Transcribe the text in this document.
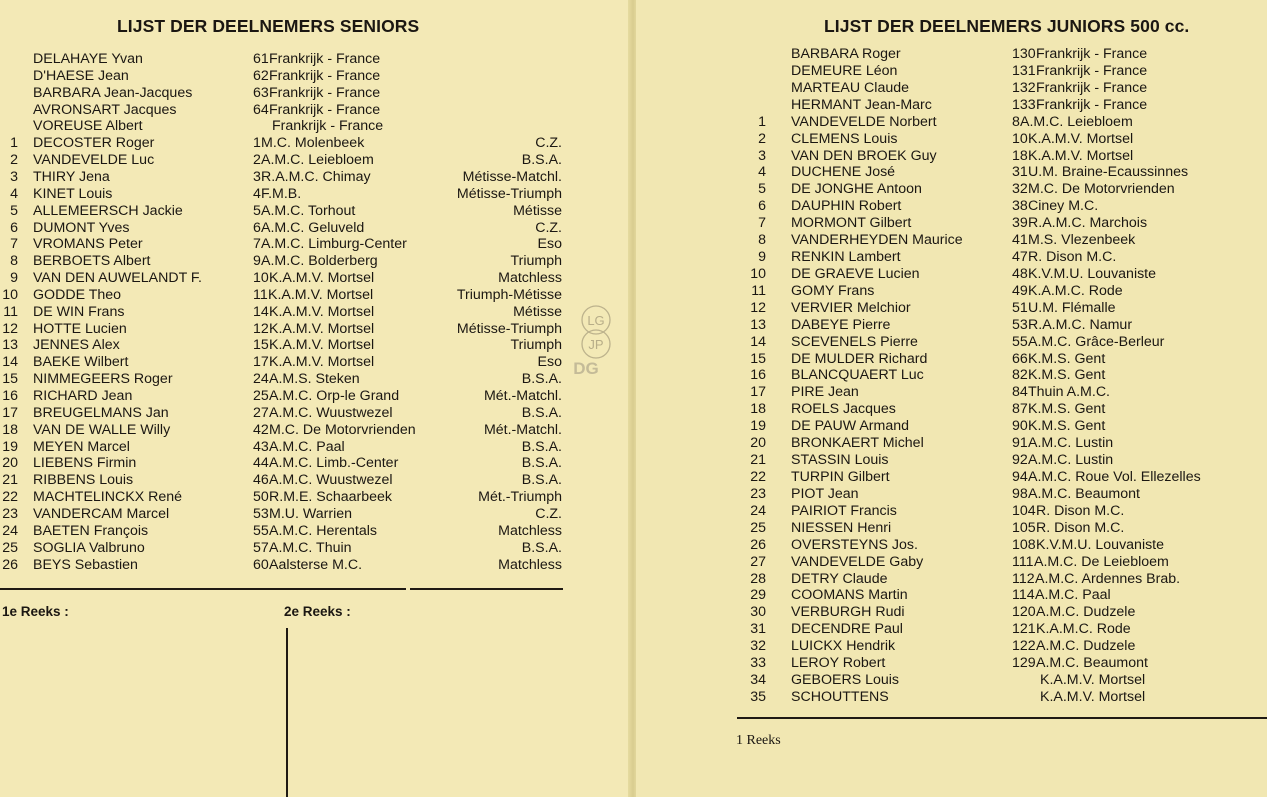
LIJST DER DEELNEMERS SENIORS
DELAHAYE Yvan	61 Frankrijk - France
D'HAESE Jean	62 Frankrijk - France
BARBARA Jean-Jacques	63 Frankrijk - France
AVRONSART Jacques	64 Frankrijk - France
VOREUSE Albert	Frankrijk - France
1 DECOSTER Roger	1 M.C. Molenbeek	C.Z.
2 VANDEVELDE Luc	2 A.M.C. Leiebloem	B.S.A.
3 THIRY Jena	3 R.A.M.C. Chimay	Métisse-Matchl.
4 KINET Louis	4 F.M.B.	Métisse-Triumph
5 ALLEMEERSCH Jackie	5 A.M.C. Torhout	Métisse
6 DUMONT Yves	6 A.M.C. Geluveld	C.Z.
7 VROMANS Peter	7 A.M.C. Limburg-Center	Eso
8 BERBOETS Albert	9 A.M.C. Bolderberg	Triumph
9 VAN DEN AUWELANDT F.	10 K.A.M.V. Mortsel	Matchless
10 GODDE Theo	11 K.A.M.V. Mortsel	Triumph-Métisse
11 DE WIN Frans	14 K.A.M.V. Mortsel	Métisse
12 HOTTE Lucien	12 K.A.M.V. Mortsel	Métisse-Triumph
13 JENNES Alex	15 K.A.M.V. Mortsel	Triumph
14 BAEKE Wilbert	17 K.A.M.V. Mortsel	Eso
15 NIMMEGEERS Roger	24 A.M.S. Steken	B.S.A.
16 RICHARD Jean	25 A.M.C. Orp-le Grand	Mét.-Matchl.
17 BREUGELMANS Jan	27 A.M.C. Wuustwezel	B.S.A.
18 VAN DE WALLE Willy	42 M.C. De Motorvrienden	Mét.-Matchl.
19 MEYEN Marcel	43 A.M.C. Paal	B.S.A.
20 LIEBENS Firmin	44 A.M.C. Limb.-Center	B.S.A.
21 RIBBENS Louis	46 A.M.C. Wuustwezel	B.S.A.
22 MACHTELINCKX René	50 R.M.E. Schaarbeek	Mét.-Triumph
23 VANDERCAM Marcel	53 M.U. Warrien	C.Z.
24 BAETEN François	55 A.M.C. Herentals	Matchless
25 SOGLIA Valbruno	57 A.M.C. Thuin	B.S.A.
26 BEYS Sebastien	60 Aalsterse M.C.	Matchless
1e Reeks :	2e Reeks :
LG
JP
DG
LIJST DER DEELNEMERS JUNIORS 500 cc.
BARBARA Roger	130 Frankrijk - France
DEMEURE Léon	131 Frankrijk - France
MARTEAU Claude	132 Frankrijk - France
HERMANT Jean-Marc	133 Frankrijk - France
1 VANDEVELDE Norbert	8 A.M.C. Leiebloem
2 CLEMENS Louis	10 K.A.M.V. Mortsel
3 VAN DEN BROEK Guy	18 K.A.M.V. Mortsel
4 DUCHENE José	31 U.M. Braine-Ecaussinnes
5 DE JONGHE Antoon	32 M.C. De Motorvrienden
6 DAUPHIN Robert	38 Ciney M.C.
7 MORMONT Gilbert	39 R.A.M.C. Marchois
8 VANDERHEYDEN Maurice	41 M.S. Vlezenbeek
9 RENKIN Lambert	47 R. Dison M.C.
10 DE GRAEVE Lucien	48 K.V.M.U. Louvaniste
11 GOMY Frans	49 K.A.M.C. Rode
12 VERVIER Melchior	51 U.M. Flémalle
13 DABEYE Pierre	53 R.A.M.C. Namur
14 SCEVENELS Pierre	55 A.M.C. Grâce-Berleur
15 DE MULDER Richard	66 K.M.S. Gent
16 BLANCQUAERT Luc	82 K.M.S. Gent
17 PIRE Jean	84 Thuin A.M.C.
18 ROELS Jacques	87 K.M.S. Gent
19 DE PAUW Armand	90 K.M.S. Gent
20 BRONKAERT Michel	91 A.M.C. Lustin
21 STASSIN Louis	92 A.M.C. Lustin
22 TURPIN Gilbert	94 A.M.C. Roue Vol. Ellezelles
23 PIOT Jean	98 A.M.C. Beaumont
24 PAIRIOT Francis	104 R. Dison M.C.
25 NIESSEN Henri	105 R. Dison M.C.
26 OVERSTEYNS Jos.	108 K.V.M.U. Louvaniste
27 VANDEVELDE Gaby	111 A.M.C. De Leiebloem
28 DETRY Claude	112 A.M.C. Ardennes Brab.
29 COOMANS Martin	114 A.M.C. Paal
30 VERBURGH Rudi	120 A.M.C. Dudzele
31 DECENDRE Paul	121 K.A.M.C. Rode
32 LUICKX Hendrik	122 A.M.C. Dudzele
33 LEROY Robert	129 A.M.C. Beaumont
34 GEBOERS Louis	K.A.M.V. Mortsel
35 SCHOUTTENS	K.A.M.V. Mortsel
1 Reeks
